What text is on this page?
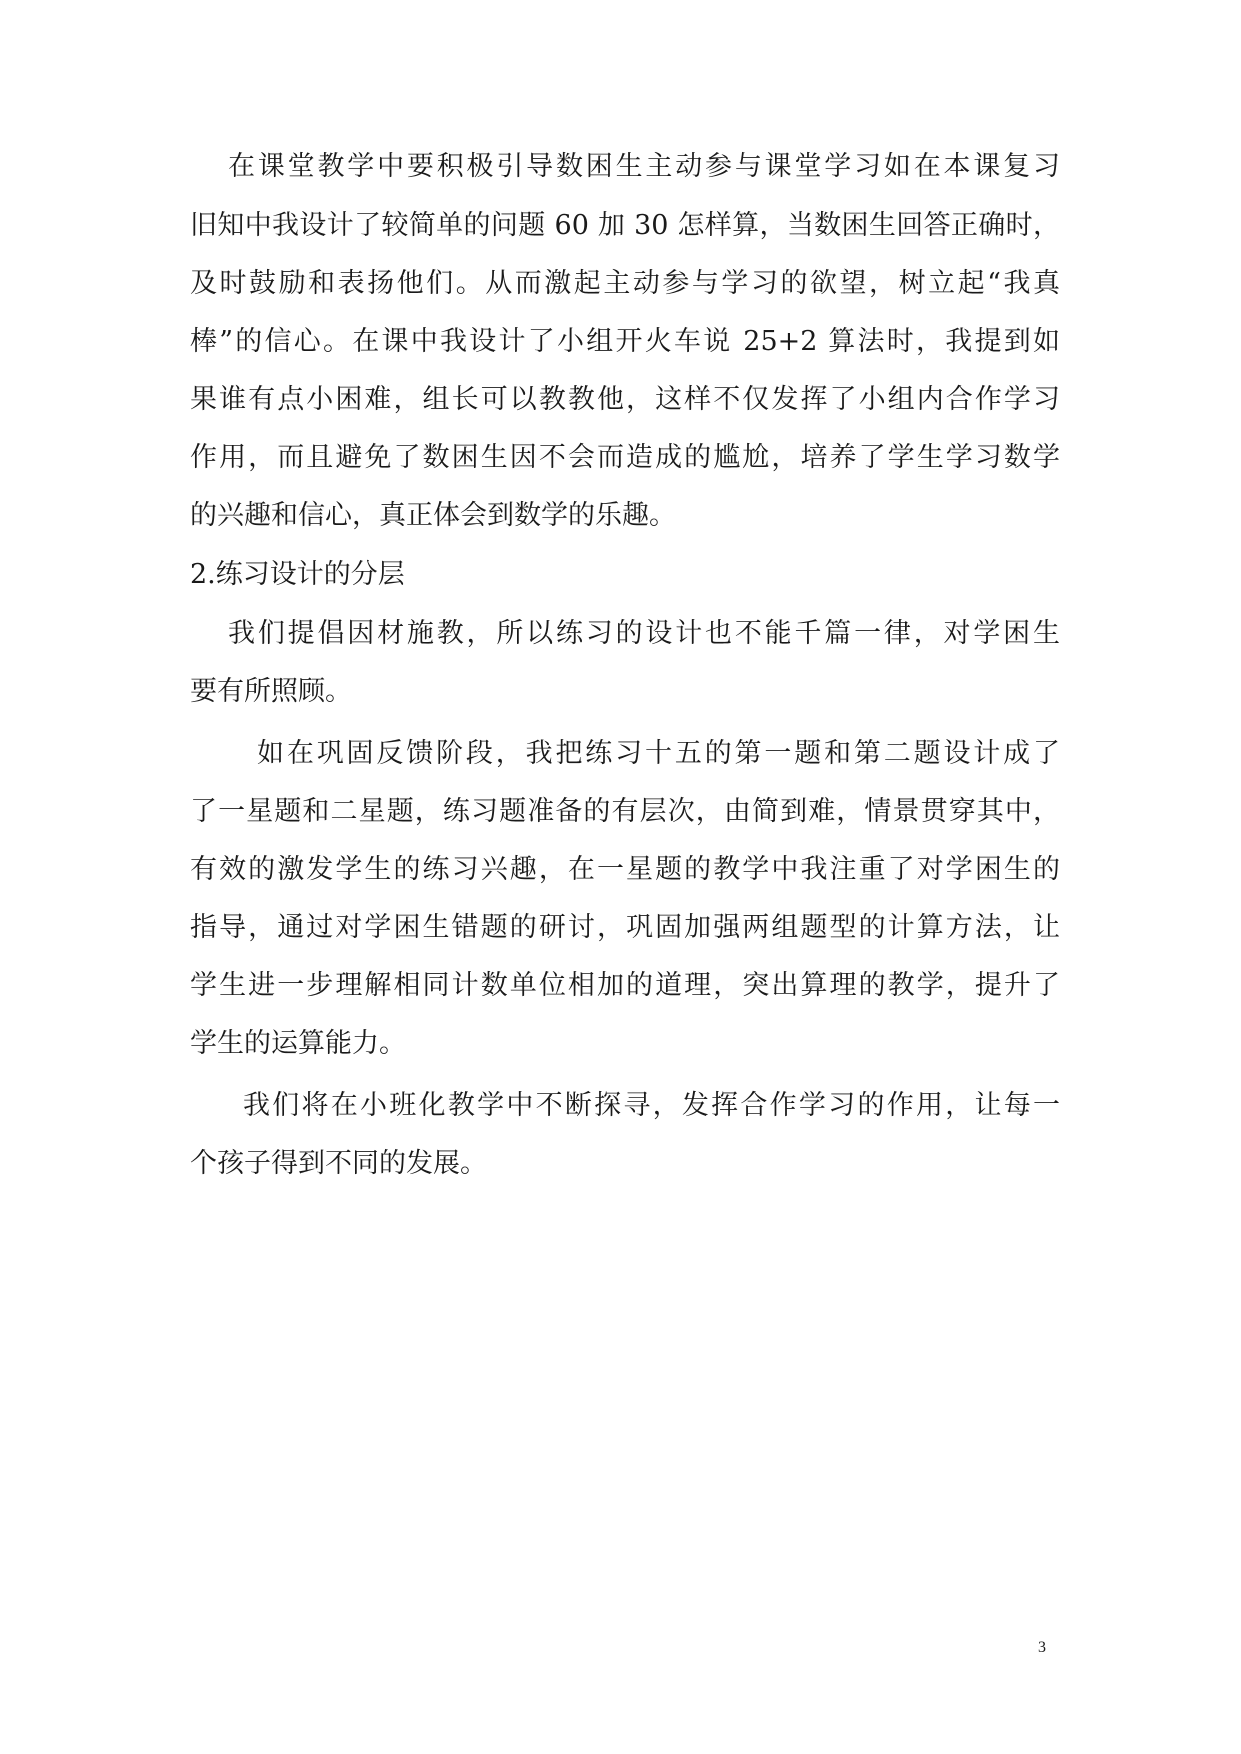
在课堂教学中要积极引导数困生主动参与课堂学习如在本课复习
旧知中我设计了较简单的问题 60 加 30 怎样算，当数困生回答正确时，
及时鼓励和表扬他们。从而激起主动参与学习的欲望，树立起“我真
棒”的信心。在课中我设计了小组开火车说 25+2 算法时，我提到如
果谁有点小困难，组长可以教教他，这样不仅发挥了小组内合作学习
作用，而且避免了数困生因不会而造成的尴尬，培养了学生学习数学
的兴趣和信心，真正体会到数学的乐趣。
2.练习设计的分层
我们提倡因材施教，所以练习的设计也不能千篇一律，对学困生
要有所照顾。
如在巩固反馈阶段，我把练习十五的第一题和第二题设计成了
了一星题和二星题，练习题准备的有层次，由简到难，情景贯穿其中，
有效的激发学生的练习兴趣，在一星题的教学中我注重了对学困生的
指导，通过对学困生错题的研讨，巩固加强两组题型的计算方法，让
学生进一步理解相同计数单位相加的道理，突出算理的教学，提升了
学生的运算能力。
我们将在小班化教学中不断探寻，发挥合作学习的作用，让每一
个孩子得到不同的发展。
3
